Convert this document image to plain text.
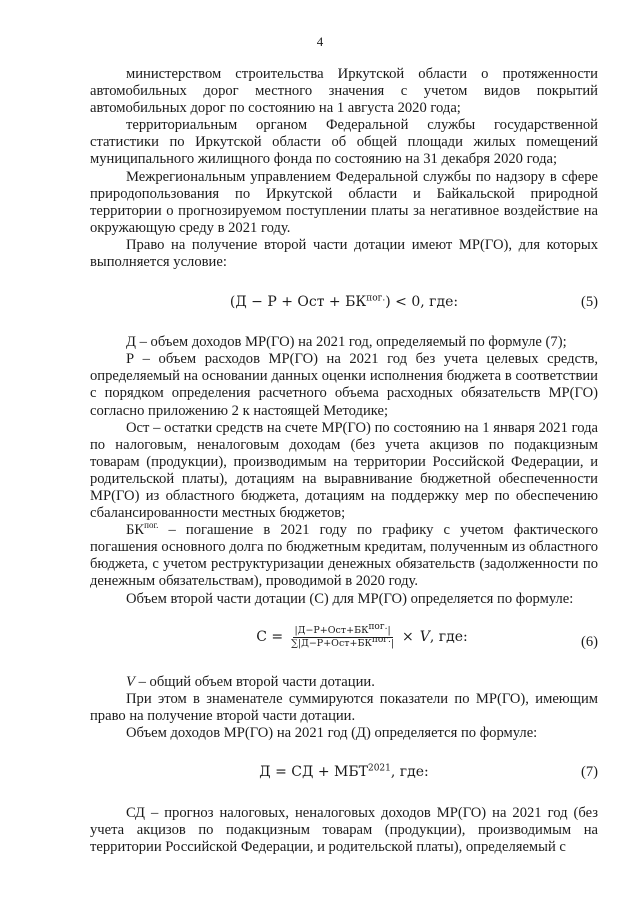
4

министерством строительства Иркутской области о протяженности автомобильных дорог местного значения с учетом видов покрытий автомобильных дорог по состоянию на 1 августа 2020 года;

территориальным органом Федеральной службы государственной статистики по Иркутской области об общей площади жилых помещений муниципального жилищного фонда по состоянию на 31 декабря 2020 года;

Межрегиональным управлением Федеральной службы по надзору в сфере природопользования по Иркутской области и Байкальской природной территории о прогнозируемом поступлении платы за негативное воздействие на окружающую среду в 2021 году.

Право на получение второй части дотации имеют МР(ГО), для которых выполняется условие:

(Д − Р + Ост + $БК^{пог.}) < 0$, где:	(5)

Д – объем доходов МР(ГО) на 2021 год, определяемый по формуле (7);

Р – объем расходов МР(ГО) на 2021 год без учета целевых средств, определяемый на основании данных оценки исполнения бюджета в соответствии с порядком определения расчетного объема расходных обязательств МР(ГО) согласно приложению 2 к настоящей Методике;

Ост – остатки средств на счете МР(ГО) по состоянию на 1 января 2021 года по налоговым, неналоговым доходам (без учета акцизов по подакцизным товарам (продукции), производимым на территории Российской Федерации, и родительской платы), дотациям на выравнивание бюджетной обеспеченности МР(ГО) из областного бюджета, дотациям на поддержку мер по обеспечению сбалансированности местных бюджетов;

$БК^{пог.}$ – погашение в 2021 году по графику с учетом фактического погашения основного долга по бюджетным кредитам, полученным из областного бюджета, с учетом реструктуризации денежных обязательств (задолженности по денежным обязательствам), проводимой в 2020 году.

Объем второй части дотации (С) для МР(ГО) определяется по формуле:

$С = \frac{|Д-Р+Ост+БК^{пог.}|}{\sum|Д-Р+Ост+БК^{пог.}|} \times V$, где:	(6)

V – общий объем второй части дотации.

При этом в знаменателе суммируются показатели по МР(ГО), имеющим право на получение второй части дотации.

Объем доходов МР(ГО) на 2021 год (Д) определяется по формуле:

Д = СД + $МБТ^{2021}$, где:	(7)

СД – прогноз налоговых, неналоговых доходов МР(ГО) на 2021 год (без учета акцизов по подакцизным товарам (продукции), производимым на территории Российской Федерации, и родительской платы), определяемый с
